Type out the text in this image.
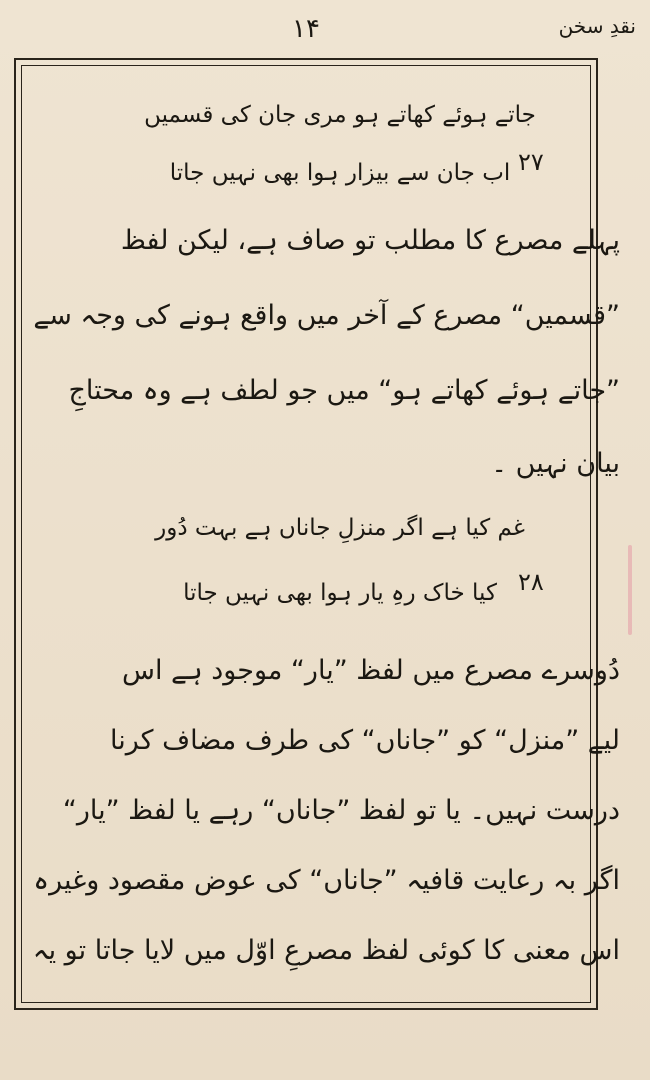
نقدِ سخن
۱۴
جاتے ہوئے کھاتے ہو مری جان کی قسمیں
۲۷
اب جان سے بیزار ہوا بھی نہیں جاتا
پہلے مصرع کا مطلب تو صاف ہے، لیکن لفظ
”قسمیں“ مصرع کے آخر میں واقع ہونے کی وجہ سے
”جاتے ہوئے کھاتے ہو“ میں جو لطف ہے وہ محتاجِ
بیان نہیں ۔
غم کیا ہے اگر منزلِ جاناں ہے بہت دُور
۲۸
کیا خاک رہِ یار ہوا بھی نہیں جاتا
دُوسرے مصرع میں لفظ ”یار“ موجود ہے اس
لیے ”منزل“ کو ”جاناں“ کی طرف مضاف کرنا
درست نہیں۔ یا تو لفظ ”جاناں“ رہے یا لفظ ”یار“
اگر بہ رعایت قافیہ ”جاناں“ کی عوض مقصود وغیرہ
اس معنی کا کوئی لفظ مصرعِ اوّل میں لایا جاتا تو یہ
